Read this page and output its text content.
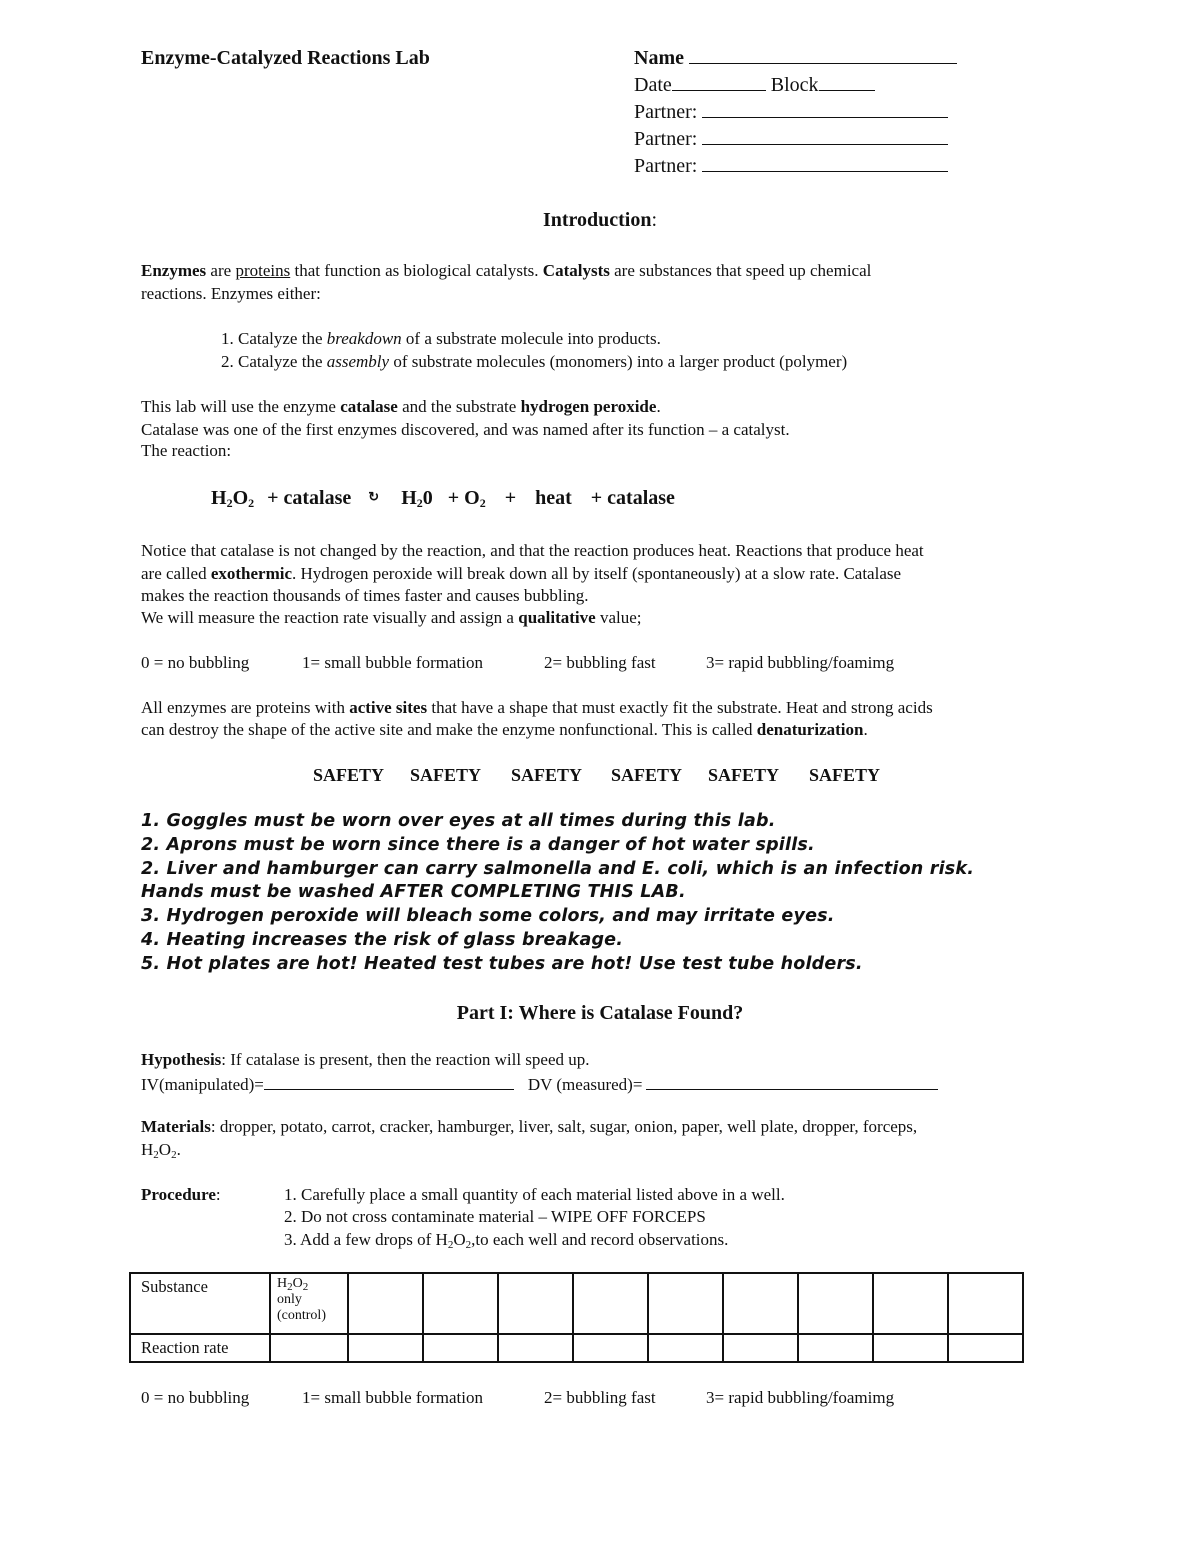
Enzyme-Catalyzed Reactions Lab	Name
Date	Block
Partner:
Partner:
Partner:
Introduction:
Enzymes are proteins that function as biological catalysts. Catalysts are substances that speed up chemical
reactions. Enzymes either:
1. Catalyze the breakdown of a substrate molecule into products.
2. Catalyze the assembly of substrate molecules (monomers) into a larger product (polymer)
This lab will use the enzyme catalase and the substrate hydrogen peroxide.
Catalase was one of the first enzymes discovered, and was named after its function – a catalyst.
The reaction:
$H_2O_2$ + catalase ↻ $H_20 + O_2$ + heat + catalase
Notice that catalase is not changed by the reaction, and that the reaction produces heat. Reactions that produce heat
are called exothermic. Hydrogen peroxide will break down all by itself (spontaneously) at a slow rate. Catalase
makes the reaction thousands of times faster and causes bubbling.
We will measure the reaction rate visually and assign a qualitative value;
0 = no bubbling	1= small bubble formation	2= bubbling fast	3= rapid bubbling/foamimg
All enzymes are proteins with active sites that have a shape that must exactly fit the substrate. Heat and strong acids
can destroy the shape of the active site and make the enzyme nonfunctional. This is called denaturization.
SAFETY SAFETY SAFETY SAFETY SAFETY SAFETY
1. Goggles must be worn over eyes at all times during this lab.
2. Aprons must be worn since there is a danger of hot water spills.
2. Liver and hamburger can carry salmonella and E. coli, which is an infection risk.
Hands must be washed AFTER COMPLETING THIS LAB.
3. Hydrogen peroxide will bleach some colors, and may irritate eyes.
4. Heating increases the risk of glass breakage.
5. Hot plates are hot! Heated test tubes are hot! Use test tube holders.
Part I: Where is Catalase Found?
Hypothesis: If catalase is present, then the reaction will speed up.
IV(manipulated)=	DV (measured)=
Materials: dropper, potato, carrot, cracker, hamburger, liver, salt, sugar, onion, paper, well plate, dropper, forceps,
$H_2O_2$.
Procedure:	1. Carefully place a small quantity of each material listed above in a well.
2. Do not cross contaminate material – WIPE OFF FORCEPS
3. Add a few drops of $H_2O_2,to$ each well and record observations.
Substance	$H_2O_2$
only
(control)									
Reaction rate										
0 = no bubbling	1= small bubble formation	2= bubbling fast	3= rapid bubbling/foamimg
